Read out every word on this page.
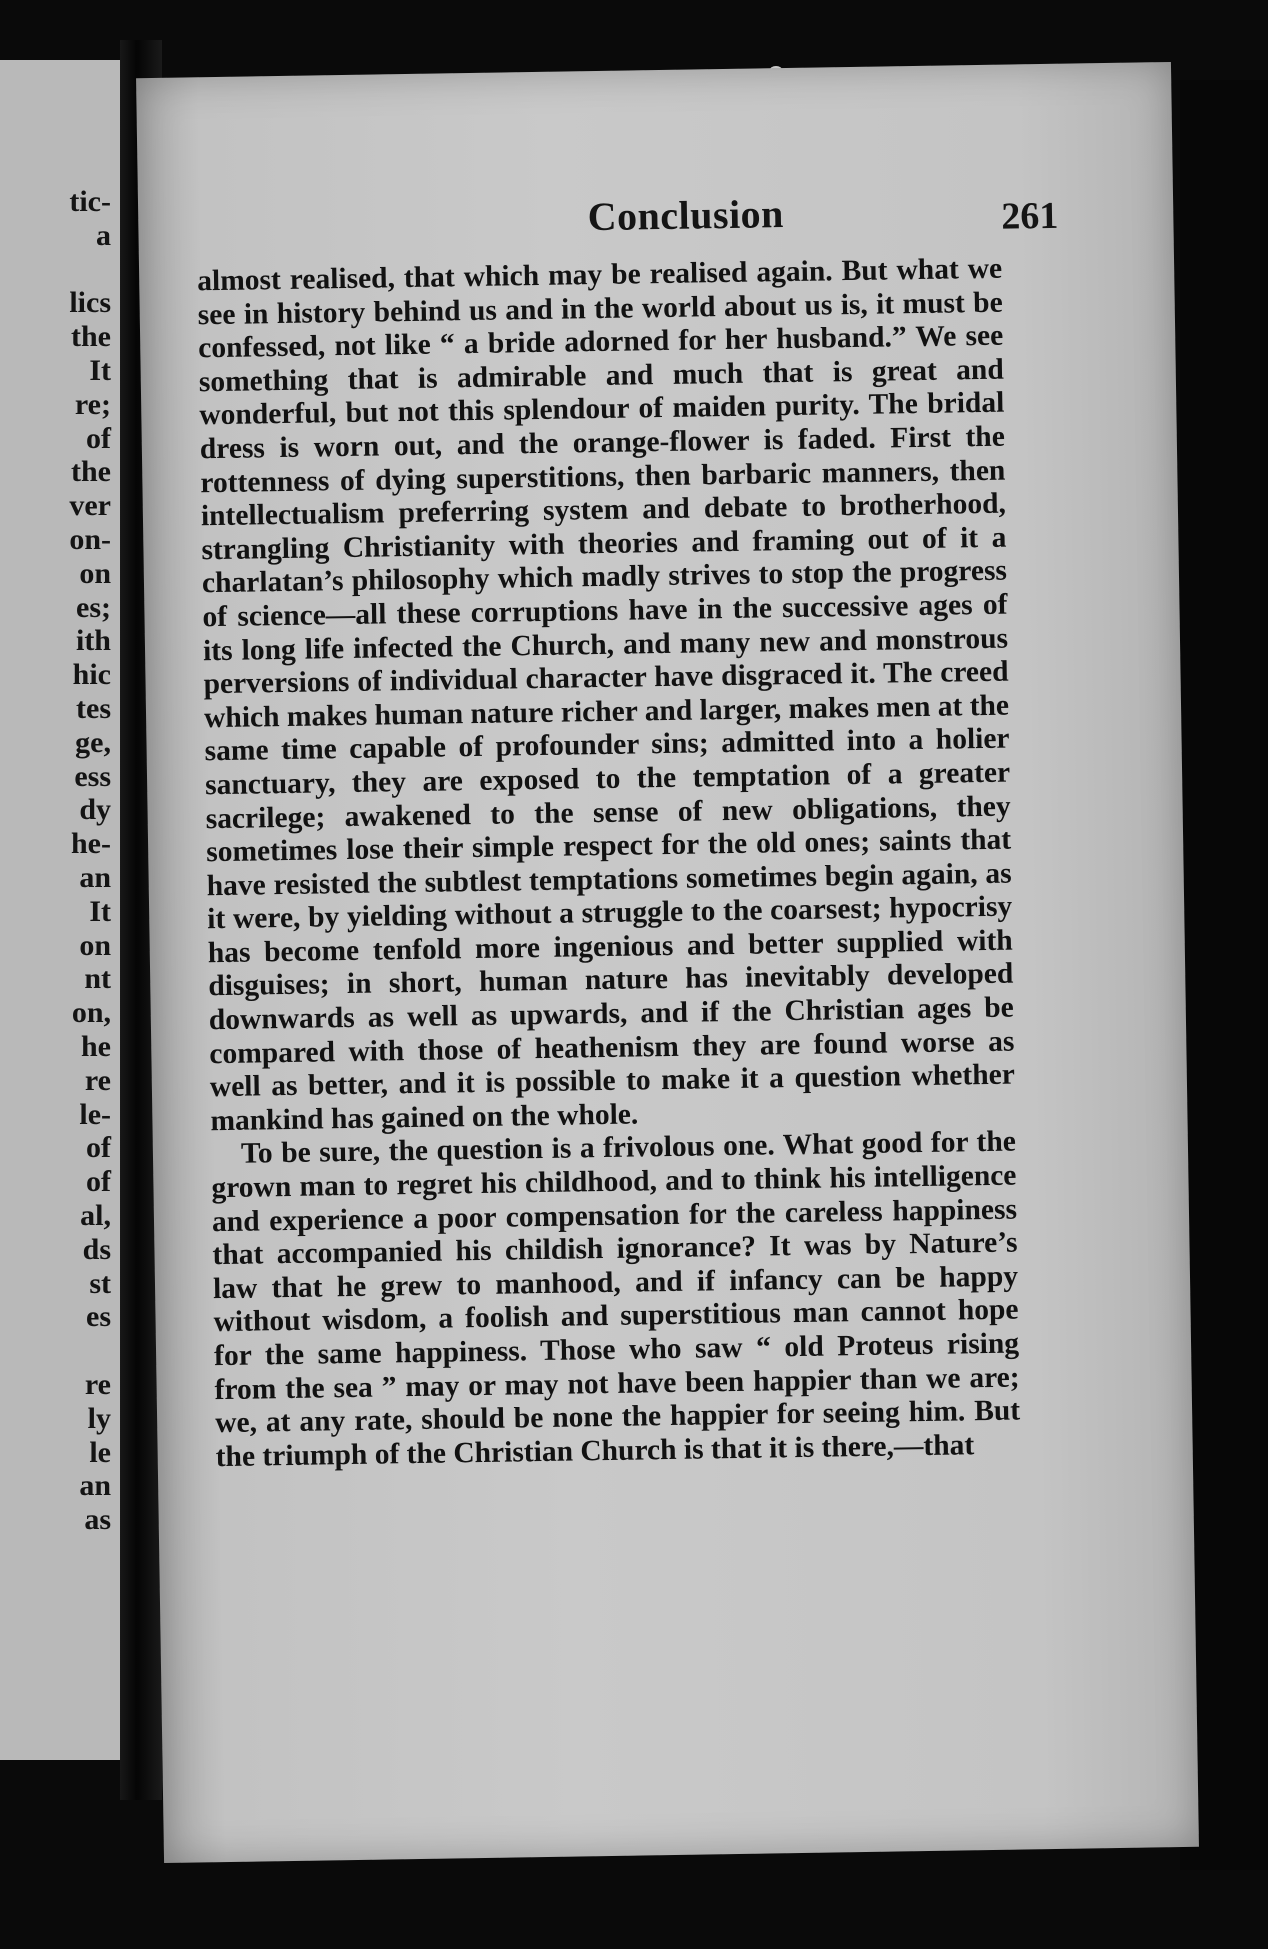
tic-
a
lics
the
It
re;
of
the
ver
on-
on
es;
ith
hic
tes
ge,
ess
dy
he-
an
It
on
nt
on,
he
re
le-
of
of
al,
ds
st
es
re
ly
le
an
as
Conclusion	261

almost realised, that which may be realised again. But what we see in history behind us and in the world about us is, it must be confessed, not like “ a bride adorned for her husband.” We see something that is admirable and much that is great and wonderful, but not this splendour of maiden purity. The bridal dress is worn out, and the orange-flower is faded. First the rottenness of dying superstitions, then barbaric manners, then intellectualism preferring system and debate to brotherhood, strangling Christianity with theories and framing out of it a charlatan’s philosophy which madly strives to stop the progress of science—all these corruptions have in the successive ages of its long life infected the Church, and many new and monstrous perversions of individual character have disgraced it. The creed which makes human nature richer and larger, makes men at the same time capable of profounder sins; admitted into a holier sanctuary, they are exposed to the temptation of a greater sacrilege; awakened to the sense of new obligations, they sometimes lose their simple respect for the old ones; saints that have resisted the subtlest temptations sometimes begin again, as it were, by yielding without a struggle to the coarsest; hypocrisy has become tenfold more ingenious and better supplied with disguises; in short, human nature has inevitably developed downwards as well as upwards, and if the Christian ages be compared with those of heathenism they are found worse as well as better, and it is possible to make it a question whether mankind has gained on the whole.

To be sure, the question is a frivolous one. What good for the grown man to regret his childhood, and to think his intelligence and experience a poor compensation for the careless happiness that accompanied his childish ignorance? It was by Nature’s law that he grew to manhood, and if infancy can be happy without wisdom, a foolish and superstitious man cannot hope for the same happiness. Those who saw “ old Proteus rising from the sea ” may or may not have been happier than we are; we, at any rate, should be none the happier for seeing him. But the triumph of the Christian Church is that it is there,—that
